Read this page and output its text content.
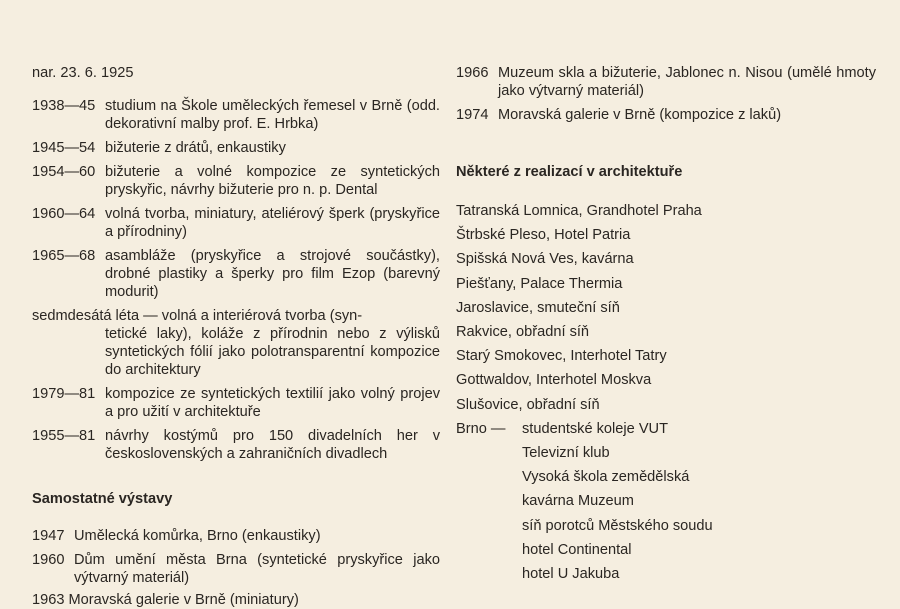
nar. 23. 6. 1925
1938—45 studium na Škole uměleckých řemesel v Brně (odd. dekorativní malby prof. E. Hrbka)
1945—54 bižuterie z drátů, enkaustiky
1954—60 bižuterie a volné kompozice ze syntetických pryskyřic, návrhy bižuterie pro n. p. Dental
1960—64 volná tvorba, miniatury, ateliérový šperk (pryskyřice a přírodniny)
1965—68 asambláže (pryskyřice a strojové součástky), drobné plastiky a šperky pro film Ezop (barevný modurit)
sedmdesátá léta — volná a interiérová tvorba (syn-
tetické laky), koláže z přírodnin nebo z výlisků syntetických fólií jako polotransparentní kompozice do architektury
1979—81 kompozice ze syntetických textilií jako volný projev a pro užití v architektuře
1955—81 návrhy kostýmů pro 150 divadelních her v československých a zahraničních divadlech
Samostatné výstavy
1947 Umělecká komůrka, Brno (enkaustiky)
1960 Dům umění města Brna (syntetické pryskyřice jako výtvarný materiál)
1963 Moravská galerie v Brně (miniatury)
1966 Muzeum skla a bižuterie, Jablonec n. Nisou (umělé hmoty jako výtvarný materiál)
1974 Moravská galerie v Brně (kompozice z laků)
Některé z realizací v architektuře
Tatranská Lomnica, Grandhotel Praha
Štrbské Pleso, Hotel Patria
Spišská Nová Ves, kavárna
Piešťany, Palace Thermia
Jaroslavice, smuteční síň
Rakvice, obřadní síň
Starý Smokovec, Interhotel Tatry
Gottwaldov, Interhotel Moskva
Slušovice, obřadní síň
Brno —	studentské koleje VUT
Televizní klub
Vysoká škola zemědělská
kavárna Muzeum
síň porotců Městského soudu
hotel Continental
hotel U Jakuba
